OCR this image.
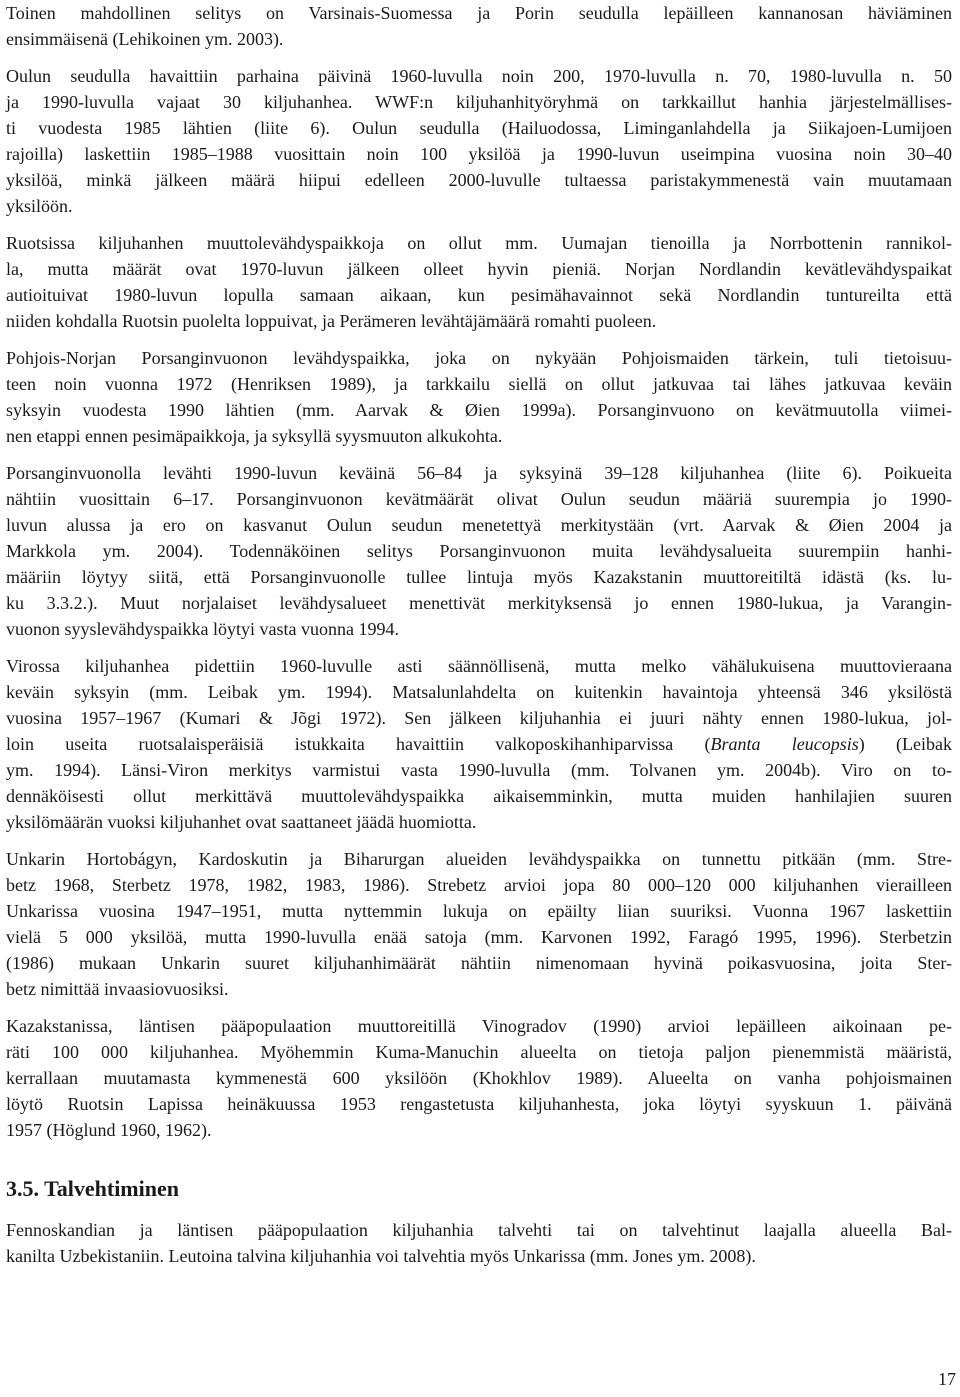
Toinen mahdollinen selitys on Varsinais-Suomessa ja Porin seudulla lepäilleen kannanosan häviäminen
ensimmäisenä (Lehikoinen ym. 2003).
Oulun seudulla havaittiin parhaina päivinä 1960-luvulla noin 200, 1970-luvulla n. 70, 1980-luvulla n. 50
ja 1990-luvulla vajaat 30 kiljuhanhea. WWF:n kiljuhanhityöryhmä on tarkkaillut hanhia järjestelmällises-
ti vuodesta 1985 lähtien (liite 6). Oulun seudulla (Hailuodossa, Liminganlahdella ja Siikajoen-Lumijoen
rajoilla) laskettiin 1985–1988 vuosittain noin 100 yksilöä ja 1990-luvun useimpina vuosina noin 30–40
yksilöä, minkä jälkeen määrä hiipui edelleen 2000-luvulle tultaessa paristakymmenestä vain muutamaan
yksilöön.
Ruotsissa kiljuhanhen muuttolevähdyspaikkoja on ollut mm. Uumajan tienoilla ja Norrbottenin rannikol-
la, mutta määrät ovat 1970-luvun jälkeen olleet hyvin pieniä. Norjan Nordlandin kevätlevähdyspaikat
autioituivat 1980-luvun lopulla samaan aikaan, kun pesimähavainnot sekä Nordlandin tuntureilta että
niiden kohdalla Ruotsin puolelta loppuivat, ja Perämeren levähtäjämäärä romahti puoleen.
Pohjois-Norjan Porsanginvuonon levähdyspaikka, joka on nykyään Pohjoismaiden tärkein, tuli tietoisuu-
teen noin vuonna 1972 (Henriksen 1989), ja tarkkailu siellä on ollut jatkuvaa tai lähes jatkuvaa keväin
syksyin vuodesta 1990 lähtien (mm. Aarvak & Øien 1999a). Porsanginvuono on kevätmuutolla viimei-
nen etappi ennen pesimäpaikkoja, ja syksyllä syysmuuton alkukohta.
Porsanginvuonolla levähti 1990-luvun keväinä 56–84 ja syksyinä 39–128 kiljuhanhea (liite 6). Poikueita
nähtiin vuosittain 6–17. Porsanginvuonon kevätmäärät olivat Oulun seudun määriä suurempia jo 1990-
luvun alussa ja ero on kasvanut Oulun seudun menetettyä merkitystään (vrt. Aarvak & Øien 2004 ja
Markkola ym. 2004). Todennäköinen selitys Porsanginvuonon muita levähdysalueita suurempiin hanhi-
määriin löytyy siitä, että Porsanginvuonolle tullee lintuja myös Kazakstanin muuttoreitiltä idästä (ks. lu-
ku 3.3.2.). Muut norjalaiset levähdysalueet menettivät merkityksensä jo ennen 1980-lukua, ja Varangin-
vuonon syyslevähdyspaikka löytyi vasta vuonna 1994.
Virossa kiljuhanhea pidettiin 1960-luvulle asti säännöllisenä, mutta melko vähälukuisena muuttovieraana
keväin syksyin (mm. Leibak ym. 1994). Matsalunlahdelta on kuitenkin havaintoja yhteensä 346 yksilöstä
vuosina 1957–1967 (Kumari & Jõgi 1972). Sen jälkeen kiljuhanhia ei juuri nähty ennen 1980-lukua, jol-
loin useita ruotsalaisperäisiä istukkaita havaittiin valkoposkihanhiparvissa (Branta leucopsis) (Leibak
ym. 1994). Länsi-Viron merkitys varmistui vasta 1990-luvulla (mm. Tolvanen ym. 2004b). Viro on to-
dennäköisesti ollut merkittävä muuttolevähdyspaikka aikaisemminkin, mutta muiden hanhilajien suuren
yksilömäärän vuoksi kiljuhanhet ovat saattaneet jäädä huomiotta.
Unkarin Hortobágyn, Kardoskutin ja Biharurgan alueiden levähdyspaikka on tunnettu pitkään (mm. Stre-
betz 1968, Sterbetz 1978, 1982, 1983, 1986). Strebetz arvioi jopa 80 000–120 000 kiljuhanhen vierailleen
Unkarissa vuosina 1947–1951, mutta nyttemmin lukuja on epäilty liian suuriksi. Vuonna 1967 laskettiin
vielä 5 000 yksilöä, mutta 1990-luvulla enää satoja (mm. Karvonen 1992, Faragó 1995, 1996). Sterbetzin
(1986) mukaan Unkarin suuret kiljuhanhimäärät nähtiin nimenomaan hyvinä poikasvuosina, joita Ster-
betz nimittää invaasiovuosiksi.
Kazakstanissa, läntisen pääpopulaation muuttoreitillä Vinogradov (1990) arvioi lepäilleen aikoinaan pe-
räti 100 000 kiljuhanhea. Myöhemmin Kuma-Manuchin alueelta on tietoja paljon pienemmistä määristä,
kerrallaan muutamasta kymmenestä 600 yksilöön (Khokhlov 1989). Alueelta on vanha pohjoismainen
löytö Ruotsin Lapissa heinäkuussa 1953 rengastetusta kiljuhanhesta, joka löytyi syyskuun 1. päivänä
1957 (Höglund 1960, 1962).
3.5. Talvehtiminen
Fennoskandian ja läntisen pääpopulaation kiljuhanhia talvehti tai on talvehtinut laajalla alueella Bal-
kanilta Uzbekistaniin. Leutoina talvina kiljuhanhia voi talvehtia myös Unkarissa (mm. Jones ym. 2008).
17
